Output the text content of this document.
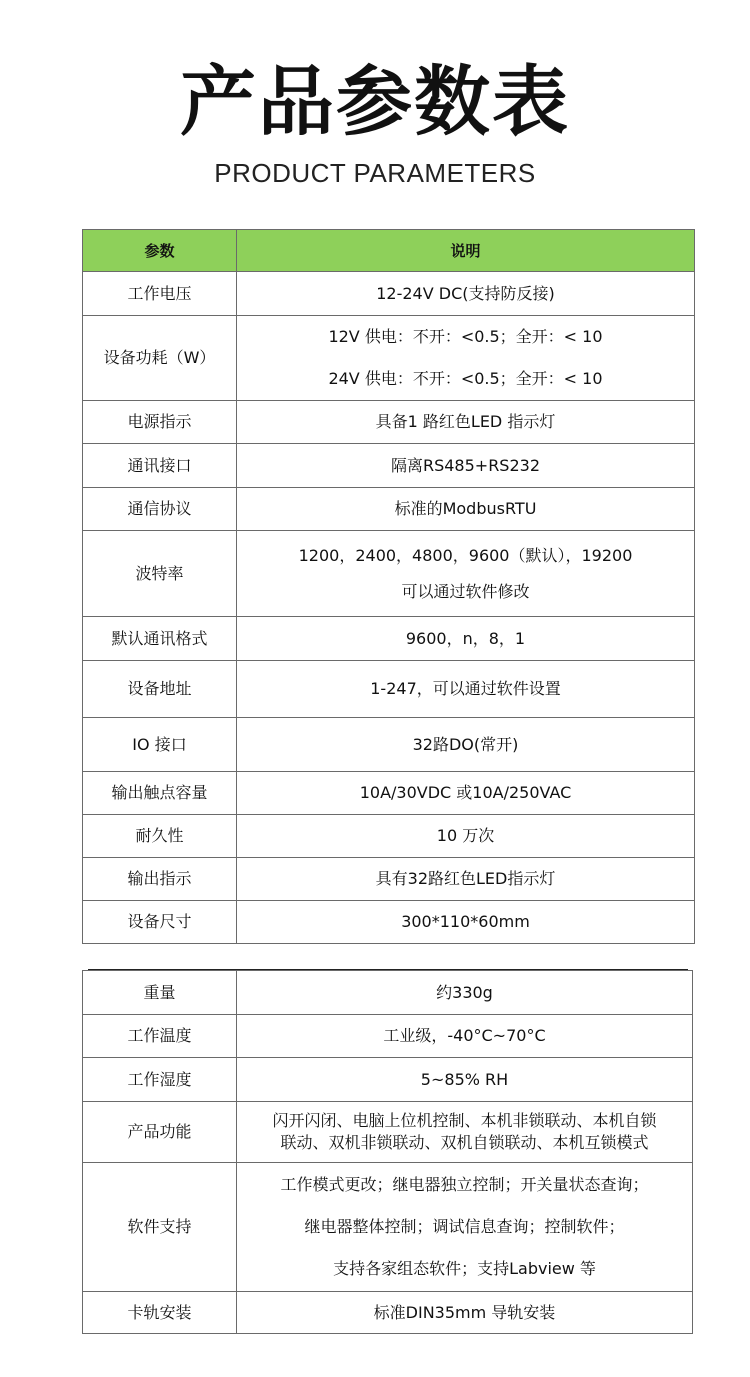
产品参数表
PRODUCT PARAMETERS
参数	说明
工作电压	12-24V DC(支持防反接)

设备功耗（W）	12V 供电：不开：<0.5；全开：< 10
24V 供电：不开：<0.5；全开：< 10

电源指示	具备1 路红色LED 指示灯

通讯接口	隔离RS485+RS232

通信协议	标准的ModbusRTU

波特率	1200，2400，4800，9600（默认），19200
可以通过软件修改

默认通讯格式	9600，n，8，1

设备地址	1-247，可以通过软件设置

IO 接口	32路DO(常开)

输出触点容量	10A/30VDC 或10A/250VAC

耐久性	10 万次

输出指示	具有32路红色LED指示灯

设备尺寸	300*110*60mm
重量	约330g

工作温度	工业级，-40°C~70°C

工作湿度	5~85% RH

产品功能	闪开闪闭、电脑上位机控制、本机非锁联动、本机自锁
联动、双机非锁联动、双机自锁联动、本机互锁模式

软件支持	工作模式更改；继电器独立控制；开关量状态查询；
继电器整体控制；调试信息查询；控制软件；
支持各家组态软件；支持Labview 等

卡轨安装	标准DIN35mm 导轨安装
